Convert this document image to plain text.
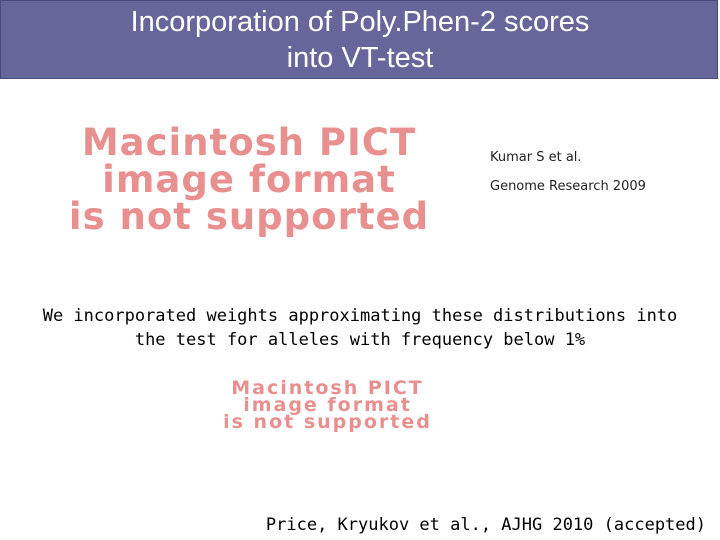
Incorporation of Poly.Phen-2 scores
into VT-test
Macintosh PICT
image format
is not supported
Kumar S et al.
Genome Research 2009
We incorporated weights approximating these distributions into
the test for alleles with frequency below 1%
Macintosh PICT
image format
is not supported
Price, Kryukov et al., AJHG 2010 (accepted)
